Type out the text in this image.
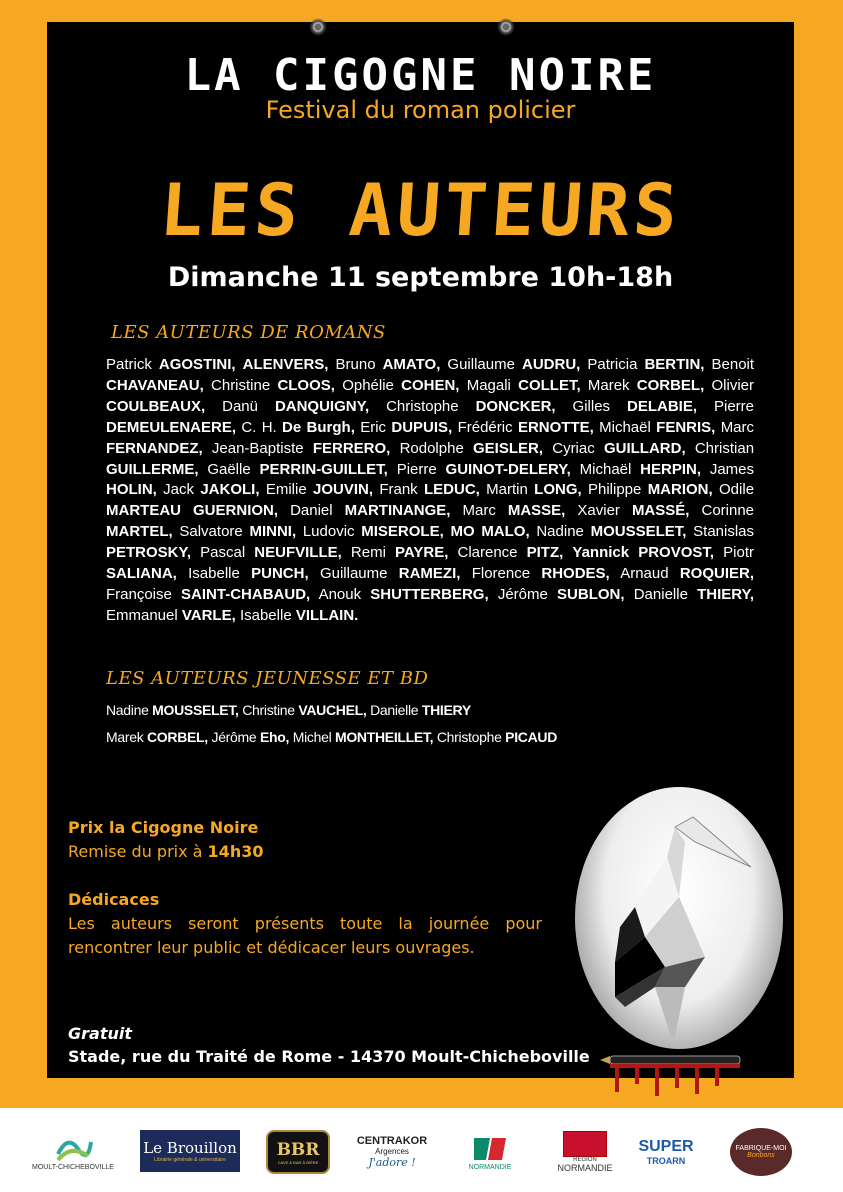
LA CIGOGNE NOIRE
Festival du roman policier
LES AUTEURS
Dimanche 11 septembre 10h-18h
LES AUTEURS DE ROMANS
Patrick AGOSTINI, ALENVERS, Bruno AMATO, Guillaume AUDRU, Patricia BERTIN, Benoit CHAVANEAU, Christine CLOOS, Ophélie COHEN, Magali COLLET, Marek CORBEL, Olivier COULBEAUX, Danü DANQUIGNY, Christophe DONCKER, Gilles DELABIE, Pierre DEMEULENAERE, C. H. De Burgh, Eric DUPUIS, Frédéric ERNOTTE, Michaël FENRIS, Marc FERNANDEZ, Jean-Baptiste FERRERO, Rodolphe GEISLER, Cyriac GUILLARD, Christian GUILLERME, Gaëlle PERRIN-GUILLET, Pierre GUINOT-DELERY, Michaël HERPIN, James HOLIN, Jack JAKOLI, Emilie JOUVIN, Frank LEDUC, Martin LONG, Philippe MARION, Odile MARTEAU GUERNION, Daniel MARTINANGE, Marc MASSE, Xavier MASSÉ, Corinne MARTEL, Salvatore MINNI, Ludovic MISEROLE, MO MALO, Nadine MOUSSELET, Stanislas PETROSKY, Pascal NEUFVILLE, Remi PAYRE, Clarence PITZ, Yannick PROVOST, Piotr SALIANA, Isabelle PUNCH, Guillaume RAMEZI, Florence RHODES, Arnaud ROQUIER, Françoise SAINT-CHABAUD, Anouk SHUTTERBERG, Jérôme SUBLON, Danielle THIERY, Emmanuel VARLE, Isabelle VILLAIN.
LES AUTEURS JEUNESSE ET BD
Nadine MOUSSELET, Christine VAUCHEL, Danielle THIERY
Marek CORBEL, Jérôme Eho, Michel MONTHEILLET, Christophe PICAUD
Prix la Cigogne Noire
Remise du prix à 14h30
Dédicaces
Les auteurs seront présents toute la journée pour rencontrer leur public et dédicacer leurs ouvrages.
Gratuit
Stade, rue du Traité de Rome - 14370 Moult-Chicheboville
MOULT-CHICHEBOVILLE
Le Brouillon
Librairie générale & universitaire
BBR
CAVE & BAR À BIÈRE
CENTRAKOR
Argences
J'adore !	NORMANDIE
RÉGION
NORMANDIE
SUPER
TROARN
FABRIQUE-MOI
Bonbons
